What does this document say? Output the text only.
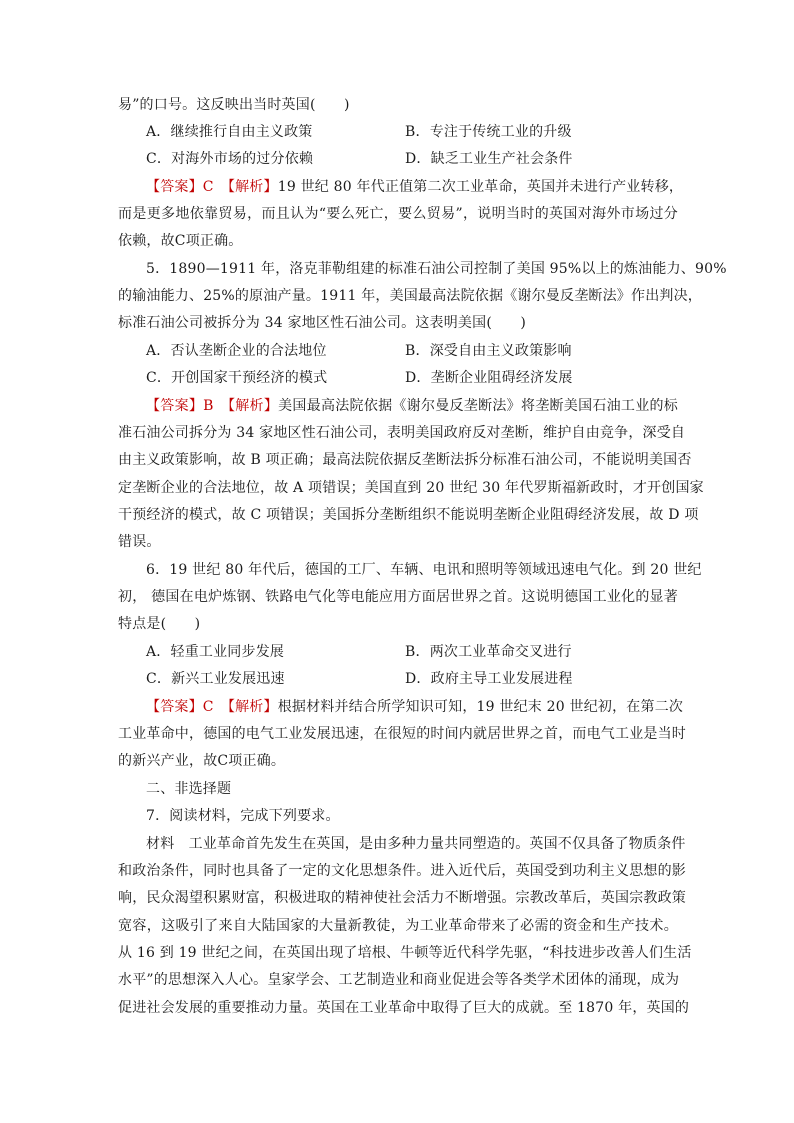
易”的口号。这反映出当时英国(　　)
A．继续推行自由主义政策	B．专注于传统工业的升级
C．对海外市场的过分依赖	D．缺乏工业生产社会条件
【答案】C　【解析】19 世纪 80 年代正值第二次工业革命，英国并未进行产业转移，
而是更多地依靠贸易，而且认为“要么死亡，要么贸易”，说明当时的英国对海外市场过分
依赖，故C项正确。
5．1890—1911 年，洛克菲勒组建的标准石油公司控制了美国 95%以上的炼油能力、90%
的输油能力、25%的原油产量。1911 年，美国最高法院依据《谢尔曼反垄断法》作出判决，
标准石油公司被拆分为 34 家地区性石油公司。这表明美国(　　)
A．否认垄断企业的合法地位	B．深受自由主义政策影响
C．开创国家干预经济的模式	D．垄断企业阻碍经济发展
【答案】B　【解析】美国最高法院依据《谢尔曼反垄断法》将垄断美国石油工业的标
准石油公司拆分为 34 家地区性石油公司，表明美国政府反对垄断，维护自由竞争，深受自
由主义政策影响，故 B 项正确；最高法院依据反垄断法拆分标准石油公司，不能说明美国否
定垄断企业的合法地位，故 A 项错误；美国直到 20 世纪 30 年代罗斯福新政时，才开创国家
干预经济的模式，故 C 项错误；美国拆分垄断组织不能说明垄断企业阻碍经济发展，故 D 项
错误。
6．19 世纪 80 年代后，德国的工厂、车辆、电讯和照明等领域迅速电气化。到 20 世纪
初， 德国在电炉炼钢、铁路电气化等电能应用方面居世界之首。这说明德国工业化的显著
特点是(　　)
A．轻重工业同步发展	B．两次工业革命交叉进行
C．新兴工业发展迅速	D．政府主导工业发展进程
【答案】C　【解析】根据材料并结合所学知识可知，19 世纪末 20 世纪初，在第二次
工业革命中，德国的电气工业发展迅速，在很短的时间内就居世界之首，而电气工业是当时
的新兴产业，故C项正确。
二、非选择题
7．阅读材料，完成下列要求。
材料　工业革命首先发生在英国，是由多种力量共同塑造的。英国不仅具备了物质条件
和政治条件，同时也具备了一定的文化思想条件。进入近代后，英国受到功利主义思想的影
响，民众渴望积累财富，积极进取的精神使社会活力不断增强。宗教改革后，英国宗教政策
宽容，这吸引了来自大陆国家的大量新教徒，为工业革命带来了必需的资金和生产技术。
从 16 到 19 世纪之间，在英国出现了培根、牛顿等近代科学先驱，“科技进步改善人们生活
水平”的思想深入人心。皇家学会、工艺制造业和商业促进会等各类学术团体的涌现，成为
促进社会发展的重要推动力量。英国在工业革命中取得了巨大的成就。至 1870 年，英国的
